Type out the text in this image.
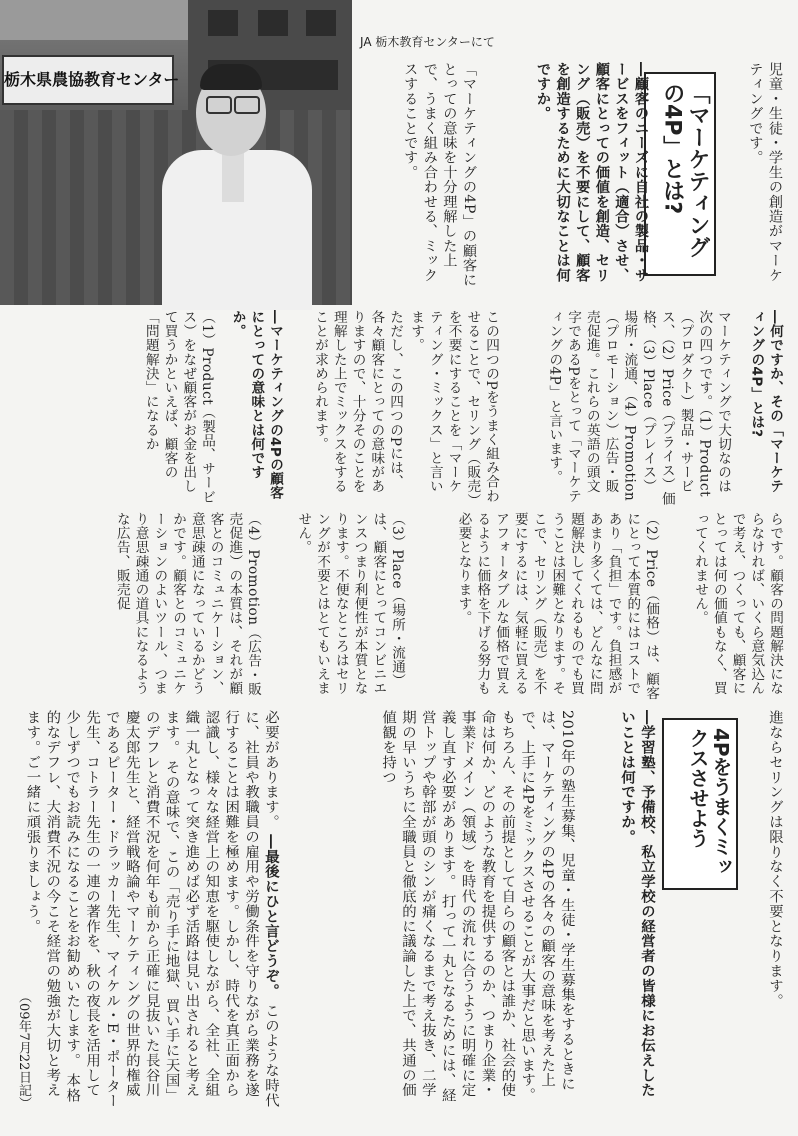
栃木県農協教育センター
JA 栃木教育センターにて

児童・生徒・学生の創造がマーケティングです。

「マーケティングの4P」とは?

―顧客のニーズに自社の製品・サービスをフィット（適合）させ、顧客にとっての価値を創造、セリング（販売）を不要にして、顧客を創造するために大切なことは何ですか。

「マーケティングの4P」の顧客にとっての意味を十分理解した上で、うまく組み合わせる、ミックスすることです。

―何ですか、その「マーケティングの4P」とは?

マーケティングで大切なのは次の四つです。（1）Product（プロダクト）製品・サービス、（2）Price（プライス）価格、（3）Place（プレイス）場所・流通、（4）Promotion（プロモーション）広告・販売促進。これらの英語の頭文字であるPをとって「マーケティングの4P」と言います。

この四つのPをうまく組み合わせることで、セリング（販売）を不要にすることを「マーケティング・ミックス」と言います。

ただし、この四つのPには、各々顧客にとっての意味がありますので、十分そのことを理解した上でミックスをすることが求められます。

―マーケティングの4Pの顧客にとっての意味とは何ですか。

（1）Product（製品、サービス）をなぜ顧客がお金を出して買うかといえば、顧客の「問題解決」になるか

らです。顧客の問題解決にならなければ、いくら意気込んで考え、つくっても、顧客にとっては何の価値もなく、買ってくれません。

（2）Price（価格）は、顧客にとって本質的にはコストであり「負担」です。負担感があまり多くては、どんなに問題解決してくれるものでも買うことは困難となります。そこで、セリング（販売）を不要にするには、気軽に買えるアフォータブルな価格で買えるように価格を下げる努力も必要となります。

（3）Place（場所・流通）は、顧客にとってコンビニエンスつまり利便性が本質となります。不便なところはセリングが不要とはとてもいえません。

（4）Promotion（広告・販売促進）の本質は、それが顧客とのコミュニケーション、意思疎通になっているかどうかです。顧客とのコミュニケーションのよいツール、つまり意思疎通の道具になるような広告、販売促

進ならセリングは限りなく不要となります。

4Pをうまくミックスさせよう

―学習塾、予備校、私立学校の経営者の皆様にお伝えしたいことは何ですか。

2010年の塾生募集、児童・生徒・学生募集をするときには、マーケティングの4Pの各々の顧客の意味を考えた上で、上手に4Pをミックスさせることが大事だと思います。 もちろん、その前提として自らの顧客とは誰か、社会的使命は何か、どのような教育を提供するのか、つまり企業・事業ドメイン（領域）を時代の流れに合うように明確に定義し直す必要があります。 打って一丸となるためには、経営トップや幹部が頭のシンが痛くなるまで考え抜き、二学期の早いうちに全職員と徹底的に議論した上で、共通の価値観を持つ

必要があります。 ―最後にひと言どうぞ。 このような時代に、社員や教職員の雇用や労働条件を守りながら業務を遂行することは困難を極めます。しかし、時代を真正面から認識し、様々な経営上の知恵を駆使しながら、全社、全組織一丸となって突き進めば必ず活路は見い出されると考えます。 その意味で、この「売り手に地獄、買い手に天国」のデフレと消費不況を何年も前から正確に見抜いた長谷川慶太郎先生と、経営戦略論やマーケティングの世界的権威であるピーター・ドラッカー先生、マイケル・E・ポーター先生、コトラー先生の一連の著作を、秋の夜長を活用して少しずつでもお読みになることをお勧めいたします。 本格的なデフレ、大消費不況の今こそ経営の勉強が大切と考えます。ご一緒に頑張りましょう。

（09年7月22日記）
